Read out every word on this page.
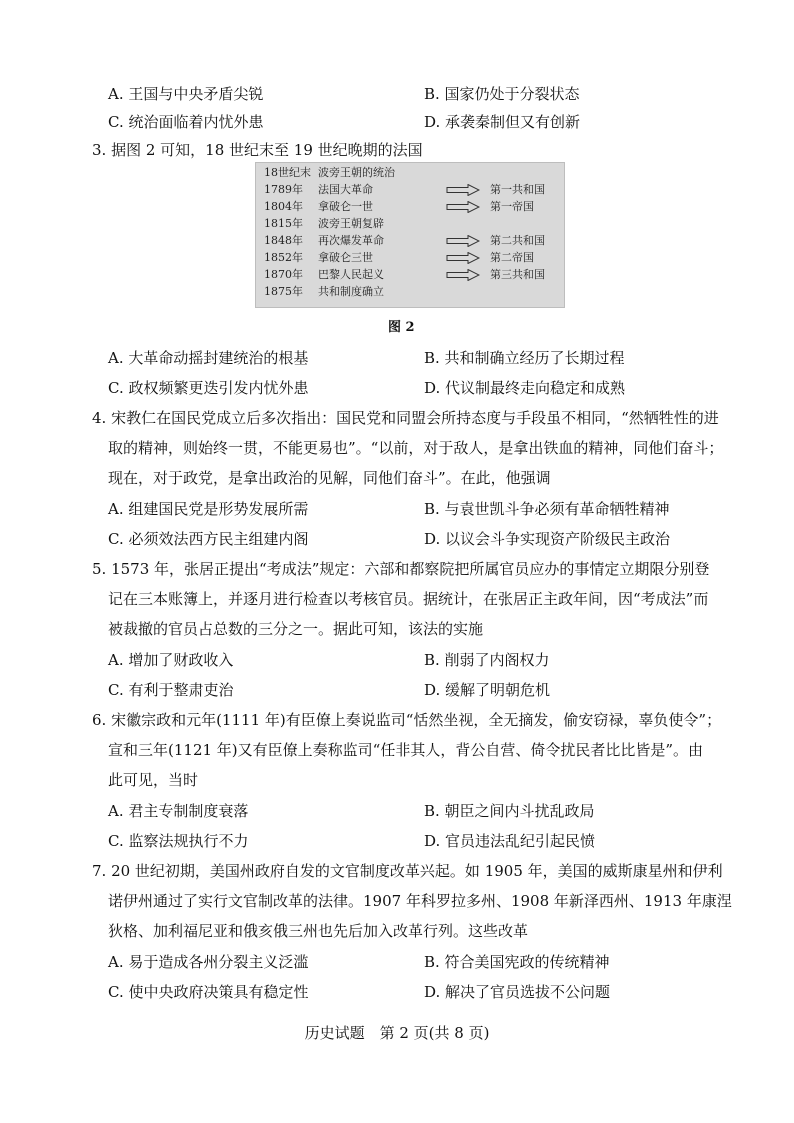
A. 王国与中央矛盾尖锐	B. 国家仍处于分裂状态
C. 统治面临着内忧外患	D. 承袭秦制但又有创新
3. 据图 2 可知，18 世纪末至 19 世纪晚期的法国
18世纪末 波旁王朝的统治
1789年 法国大革命	第一共和国
1804年 拿破仑一世	第一帝国
1815年 波旁王朝复辟
1848年 再次爆发革命	第二共和国
1852年 拿破仑三世	第二帝国
1870年 巴黎人民起义	第三共和国
1875年 共和制度确立
图 2
A. 大革命动摇封建统治的根基	B. 共和制确立经历了长期过程
C. 政权频繁更迭引发内忧外患	D. 代议制最终走向稳定和成熟
4. 宋教仁在国民党成立后多次指出：国民党和同盟会所持态度与手段虽不相同，“然牺牲性的进
取的精神，则始终一贯，不能更易也”。“以前，对于敌人，是拿出铁血的精神，同他们奋斗；
现在，对于政党，是拿出政治的见解，同他们奋斗”。在此，他强调
A. 组建国民党是形势发展所需	B. 与袁世凯斗争必须有革命牺牲精神
C. 必须效法西方民主组建内阁	D. 以议会斗争实现资产阶级民主政治
5. 1573 年，张居正提出“考成法”规定：六部和都察院把所属官员应办的事情定立期限分别登
记在三本账簿上，并逐月进行检查以考核官员。据统计，在张居正主政年间，因“考成法”而
被裁撤的官员占总数的三分之一。据此可知，该法的实施
A. 增加了财政收入	B. 削弱了内阁权力
C. 有利于整肃吏治	D. 缓解了明朝危机
6. 宋徽宗政和元年(1111 年)有臣僚上奏说监司“恬然坐视，全无摘发，偷安窃禄，辜负使令”；
宣和三年(1121 年)又有臣僚上奏称监司“任非其人，背公自营、倚令扰民者比比皆是”。由
此可见，当时
A. 君主专制制度衰落	B. 朝臣之间内斗扰乱政局
C. 监察法规执行不力	D. 官员违法乱纪引起民愤
7. 20 世纪初期，美国州政府自发的文官制度改革兴起。如 1905 年，美国的威斯康星州和伊利
诺伊州通过了实行文官制改革的法律。1907 年科罗拉多州、1908 年新泽西州、1913 年康涅
狄格、加利福尼亚和俄亥俄三州也先后加入改革行列。这些改革
A. 易于造成各州分裂主义泛滥	B. 符合美国宪政的传统精神
C. 使中央政府决策具有稳定性	D. 解决了官员选拔不公问题
历史试题　第 2 页(共 8 页)
